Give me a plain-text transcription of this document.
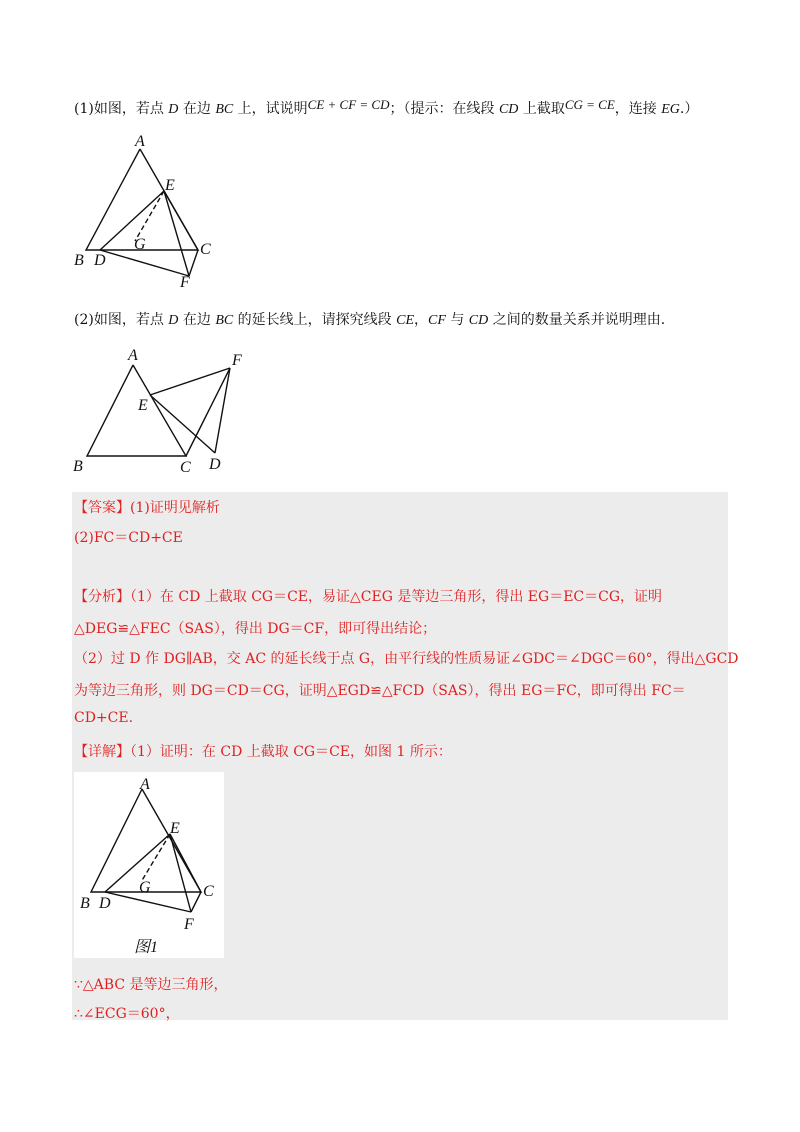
(1)如图，若点 D 在边 BC 上，试说明CE + CF = CD；（提示：在线段 CD 上截取CG = CE，连接 EG.）
A
E
G	C
B D
F
(2)如图，若点 D 在边 BC 的延长线上，请探究线段 CE，CF 与 CD 之间的数量关系并说明理由.
A	F
E
B	C D
【答案】(1)证明见解析
(2)FC＝CD+CE
【分析】（1）在 CD 上截取 CG＝CE，易证△CEG 是等边三角形，得出 EG＝EC＝CG，证明
△DEG≌△FEC（SAS），得出 DG＝CF，即可得出结论；
（2）过 D 作 DG∥AB，交 AC 的延长线于点 G，由平行线的性质易证∠GDC＝∠DGC＝60°，得出△GCD
为等边三角形，则 DG＝CD＝CG，证明△EGD≌△FCD（SAS），得出 EG＝FC，即可得出 FC＝
CD+CE.
【详解】（1）证明：在 CD 上截取 CG＝CE，如图 1 所示：
A
E
G	C
B D
F
图1
∵△ABC 是等边三角形，
∴∠ECG＝60°，
